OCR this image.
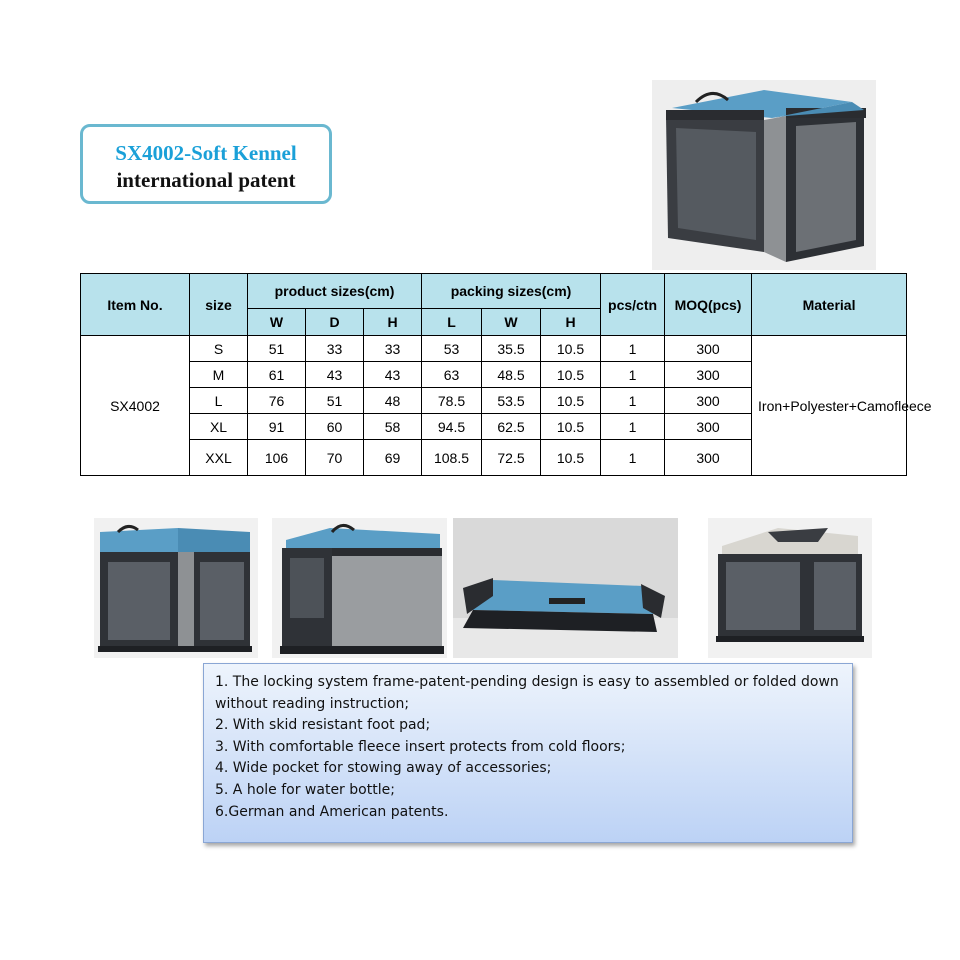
SX4002-Soft Kennel
international patent
Item No.	size	product sizes(cm)			packing sizes(cm)			pcs/ctn	MOQ(pcs)	Material
		W	D	H	L	W	H			
SX4002	S	51	33	33	53	35.5	10.5	1	300	Iron+Polyester+Camofleece
	M	61	43	43	63	48.5	10.5	1	300	
	L	76	51	48	78.5	53.5	10.5	1	300	
	XL	91	60	58	94.5	62.5	10.5	1	300	
	XXL	106	70	69	108.5	72.5	10.5	1	300	
1. The locking system frame-patent-pending design is easy to assembled or folded down without reading instruction;
2. With skid resistant foot pad;
3. With comfortable fleece insert protects from cold floors;
4. Wide pocket for stowing away of accessories;
5. A hole for water bottle;
6.German and American patents.
